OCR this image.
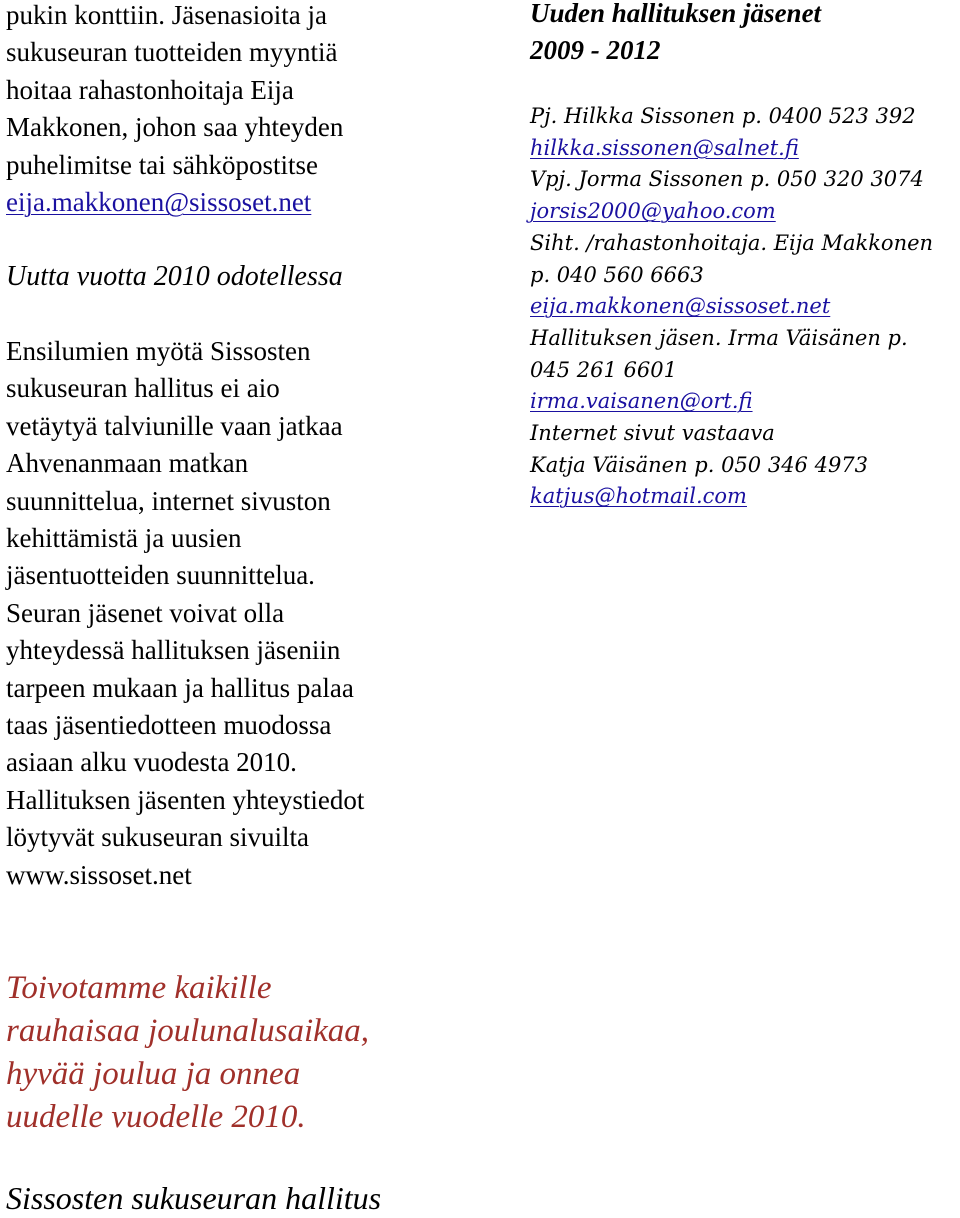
pukin konttiin. Jäsenasioita ja
sukuseuran tuotteiden myyntiä
hoitaa rahastonhoitaja Eija
Makkonen, johon saa yhteyden
puhelimitse tai sähköpostitse
eija.makkonen@sissoset.net
Uutta vuotta 2010 odotellessa
Ensilumien myötä Sissosten
sukuseuran hallitus ei aio
vetäytyä talviunille vaan jatkaa
Ahvenanmaan matkan
suunnittelua, internet sivuston
kehittämistä ja uusien
jäsentuotteiden suunnittelua.
Seuran jäsenet voivat olla
yhteydessä hallituksen jäseniin
tarpeen mukaan ja hallitus palaa
taas jäsentiedotteen muodossa
asiaan alku vuodesta 2010.
Hallituksen jäsenten yhteystiedot
löytyvät sukuseuran sivuilta
www.sissoset.net
Toivotamme kaikille
rauhaisaa joulunalusaikaa,
hyvää joulua ja onnea
uudelle vuodelle 2010.
Sissosten sukuseuran hallitus
Uuden hallituksen jäsenet
2009 - 2012
Pj. Hilkka Sissonen p. 0400 523 392
hilkka.sissonen@salnet.fi
Vpj. Jorma Sissonen p. 050 320 3074
jorsis2000@yahoo.com
Siht. /rahastonhoitaja. Eija Makkonen
p. 040 560 6663
eija.makkonen@sissoset.net
Hallituksen jäsen. Irma Väisänen p.
045 261 6601
irma.vaisanen@ort.fi
Internet sivut vastaava
Katja Väisänen p. 050 346 4973
katjus@hotmail.com
